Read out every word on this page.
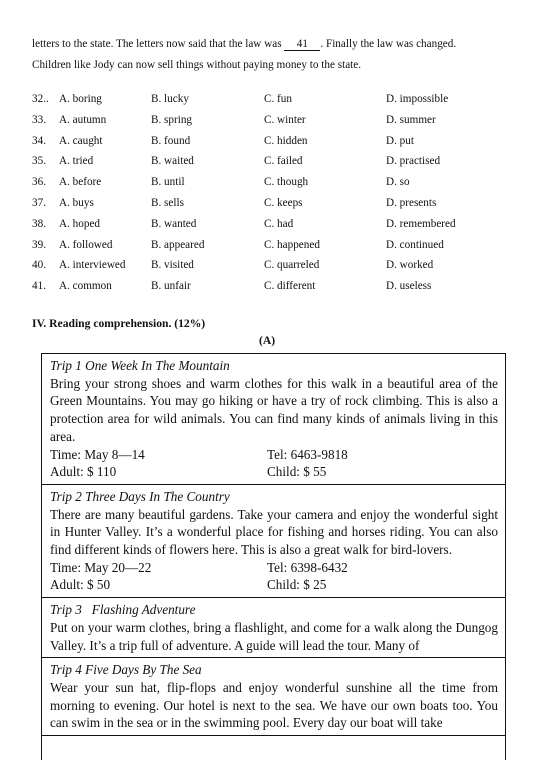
letters to the state. The letters now said that the law was 41 . Finally the law was changed.

Children like Jody can now sell things without paying money to the state.

32.. A. boring	B. lucky	C. fun	D. impossible
33. A. autumn	B. spring	C. winter	D. summer
34. A. caught	B. found	C. hidden	D. put
35. A. tried	B. waited	C. failed	D. practised
36. A. before	B. until	C. though	D. so
37. A. buys	B. sells	C. keeps	D. presents
38. A. hoped	B. wanted	C. had	D. remembered
39. A. followed	B. appeared	C. happened	D. continued
40. A. interviewed B. visited	C. quarreled	D. worked
41. A. common	B. unfair	C. different	D. useless
IV. Reading comprehension. (12%)
(A)
Trip 1 One Week In The Mountain
Bring your strong shoes and warm clothes for this walk in a beautiful area of the Green Mountains. You may go hiking or have a try of rock climbing. This is also a protection area for wild animals. You can find many kinds of animals living in this area.
Time: May 8—14	Tel: 6463-9818
Adult: $ 110	Child: $ 55
Trip 2 Three Days In The Country
There are many beautiful gardens. Take your camera and enjoy the wonderful sight in Hunter Valley. It’s a wonderful place for fishing and horses riding. You can also find different kinds of flowers here. This is also a great walk for bird-lovers.
Time: May 20—22	Tel: 6398-6432
Adult: $ 50	Child: $ 25
Trip 3   Flashing Adventure
Put on your warm clothes, bring a flashlight, and come for a walk along the Dungog Valley. It’s a trip full of adventure. A guide will lead the tour. Many of
Trip 4 Five Days By The Sea
Wear your sun hat, flip-flops and enjoy wonderful sunshine all the time from morning to evening. Our hotel is next to the sea. We have our own boats too. You can swim in the sea or in the swimming pool. Every day our boat will take
